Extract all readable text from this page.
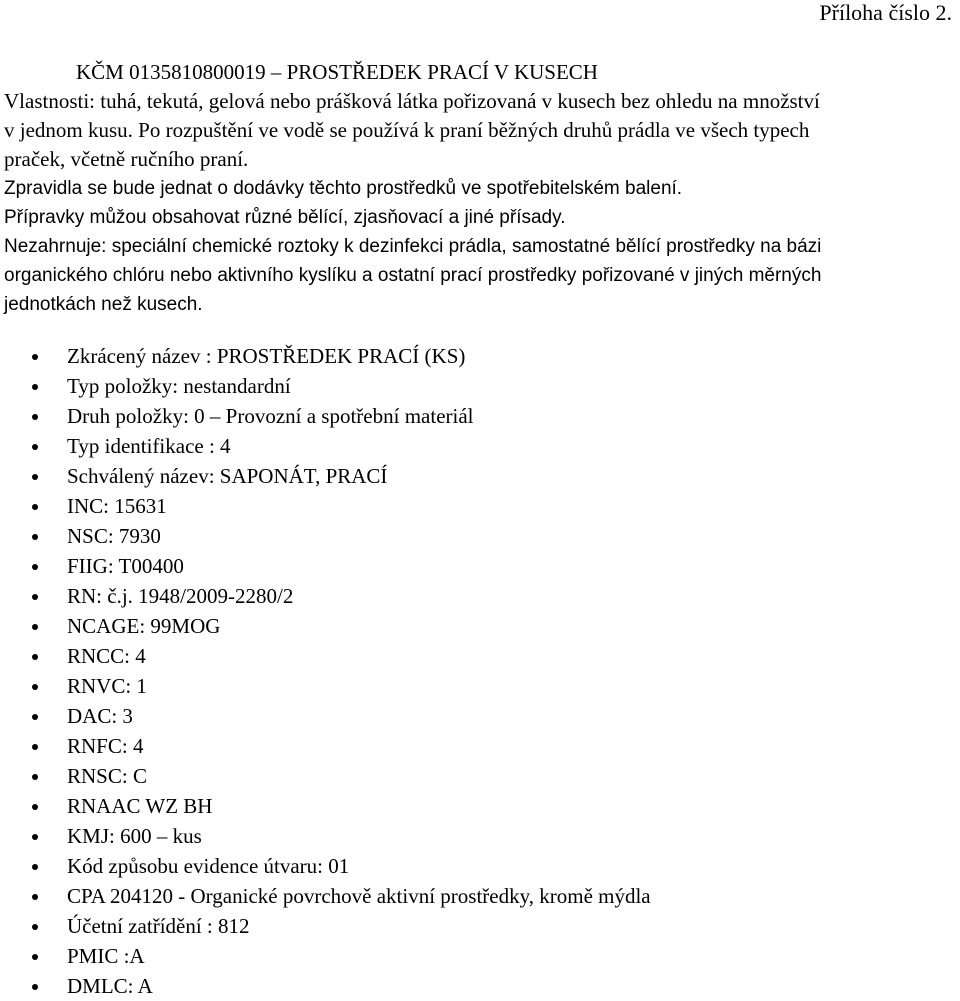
Příloha číslo 2.
KČM 0135810800019 – PROSTŘEDEK PRACÍ V KUSECH
Vlastnosti: tuhá, tekutá, gelová nebo prášková látka pořizovaná v kusech bez ohledu na množství
v jednom kusu. Po rozpuštění ve vodě se používá k praní běžných druhů prádla ve všech typech
praček, včetně ručního praní.
Zpravidla se bude jednat o dodávky těchto prostředků ve spotřebitelském balení.
Přípravky můžou obsahovat různé bělící, zjasňovací a jiné přísady.
Nezahrnuje: speciální chemické roztoky k dezinfekci prádla, samostatné bělící prostředky na bázi
organického chlóru nebo aktivního kyslíku a ostatní prací prostředky pořizované v jiných měrných
jednotkách než kusech.
Zkrácený název : PROSTŘEDEK PRACÍ (KS)
Typ položky: nestandardní
Druh položky: 0 – Provozní a spotřební materiál
Typ identifikace : 4
Schválený název: SAPONÁT, PRACÍ
INC: 15631
NSC: 7930
FIIG: T00400
RN: č.j. 1948/2009-2280/2
NCAGE: 99MOG
RNCC: 4
RNVC: 1
DAC: 3
RNFC: 4
RNSC: C
RNAAC WZ BH
KMJ: 600 – kus
Kód způsobu evidence útvaru: 01
CPA 204120 - Organické povrchově aktivní prostředky, kromě mýdla
Účetní zatřídění : 812
PMIC :A
DMLC: A
